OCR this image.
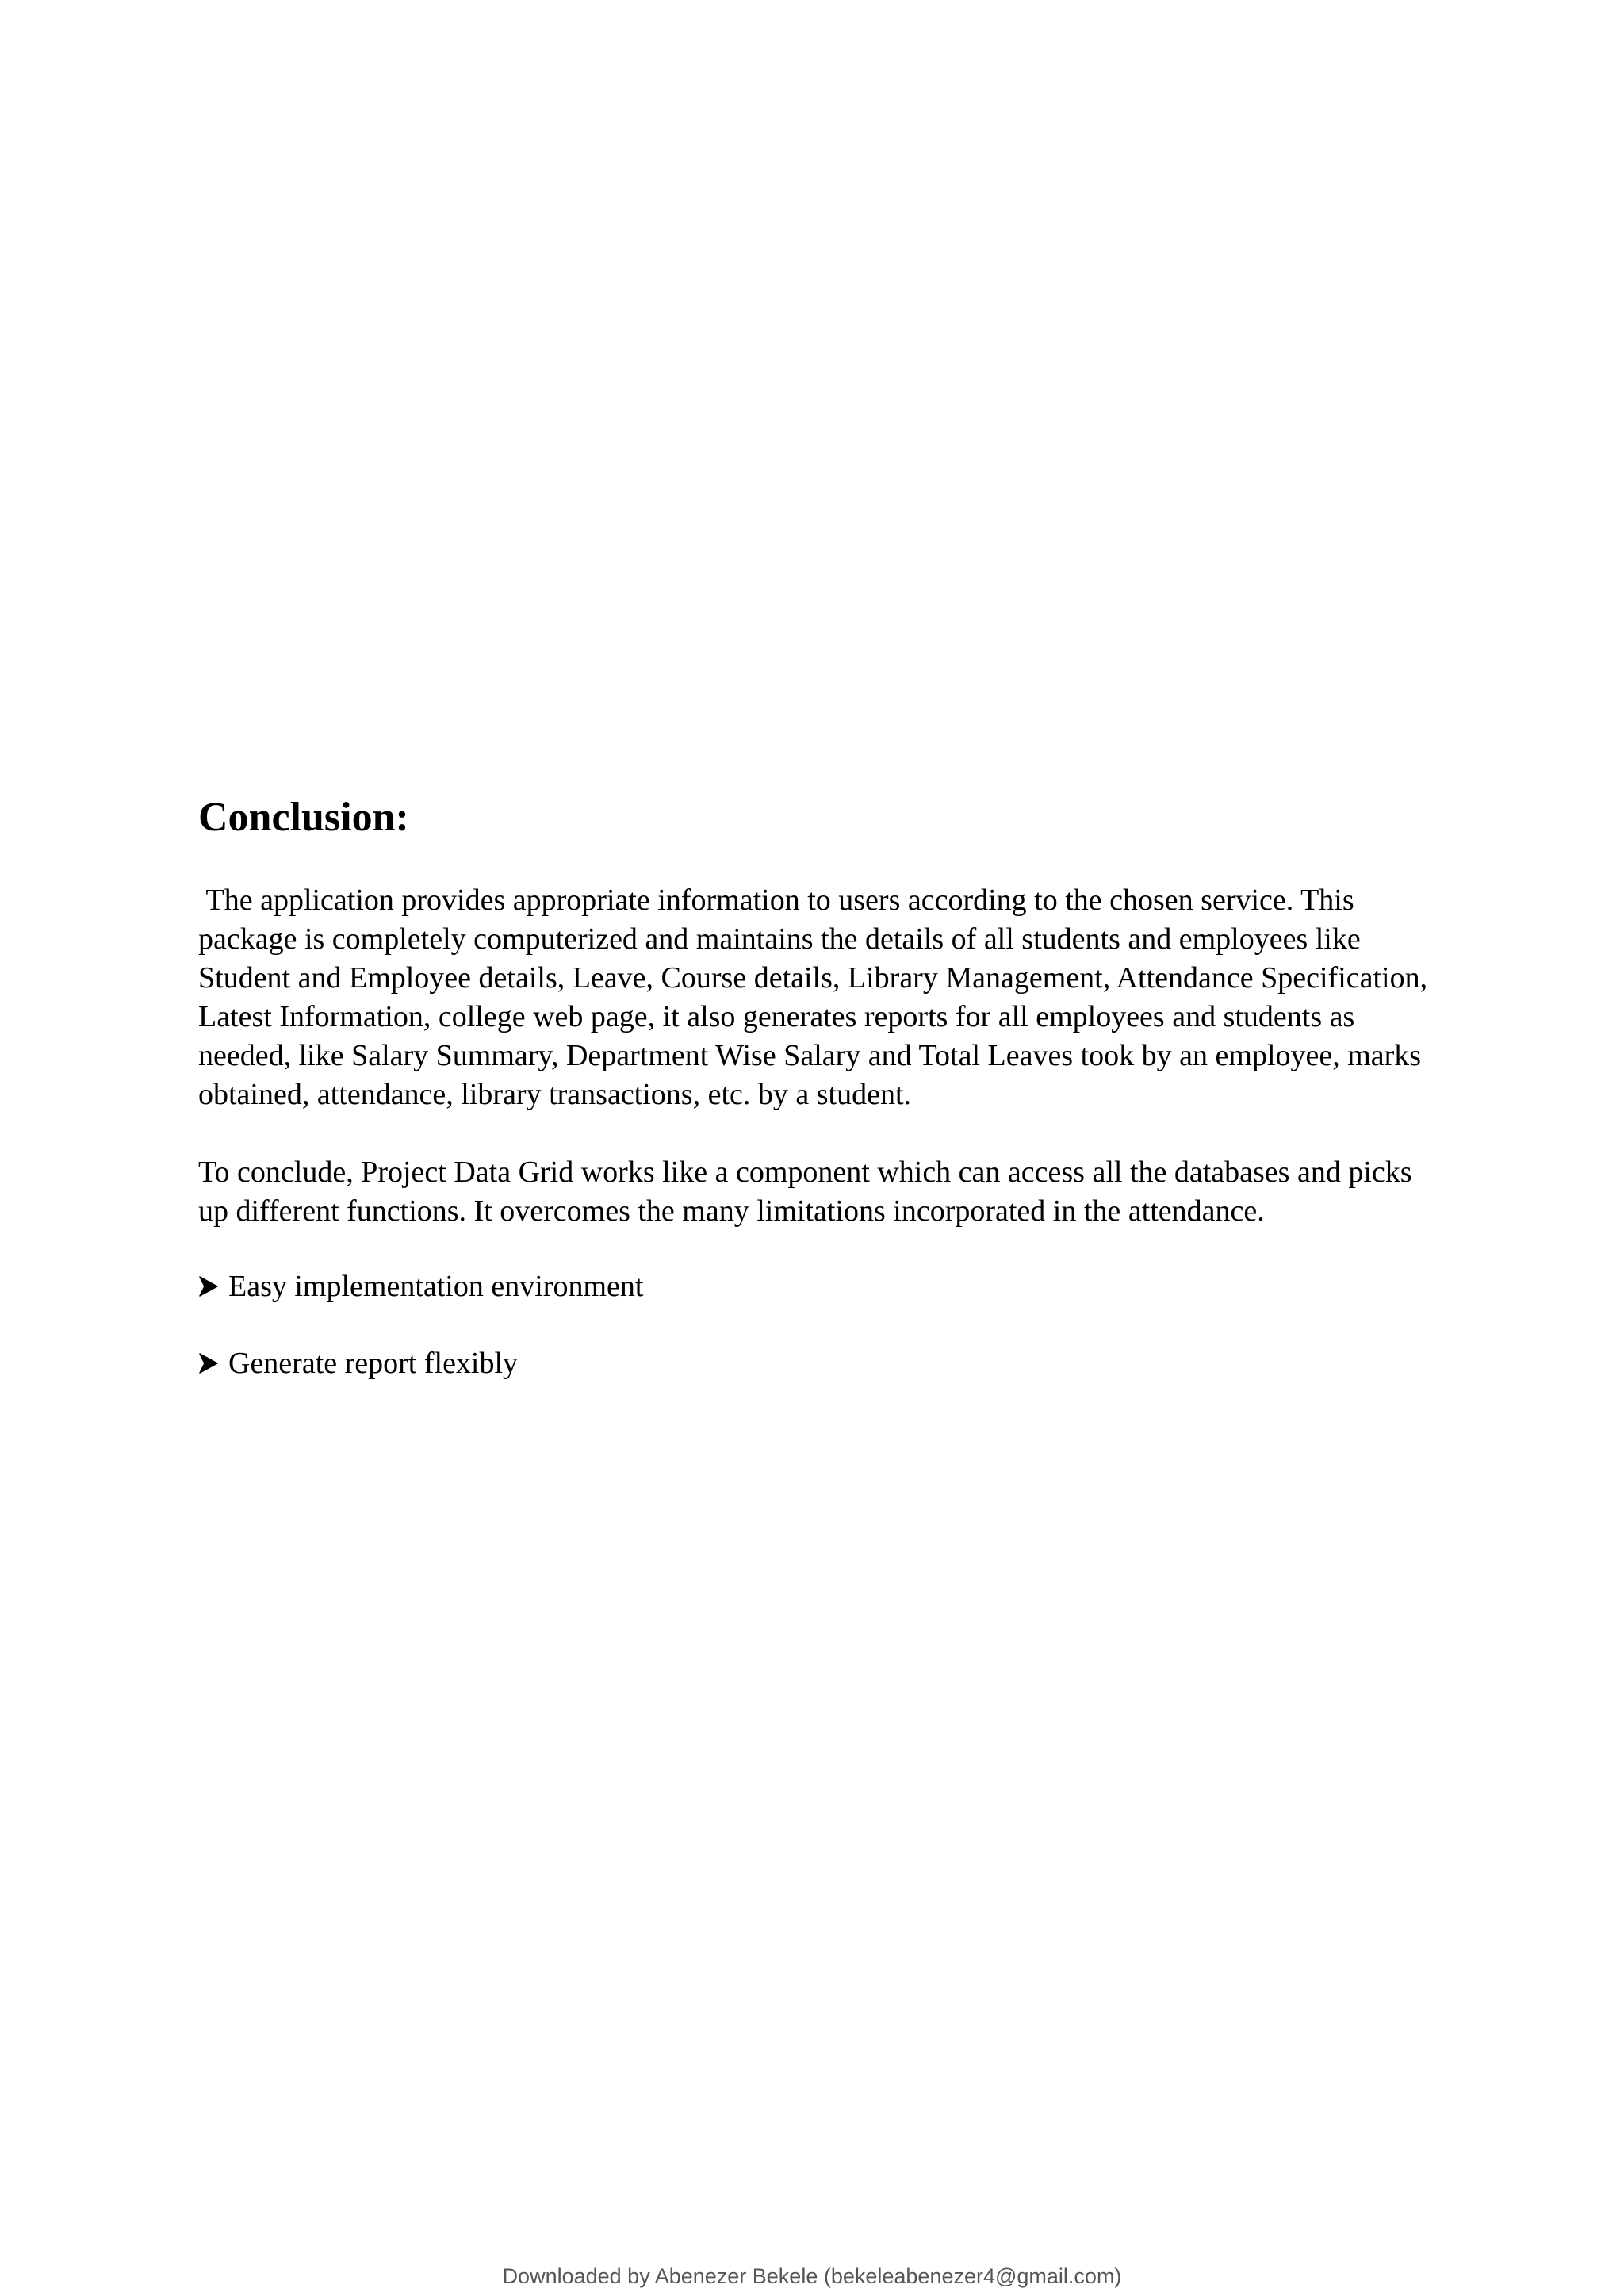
Conclusion:

The application provides appropriate information to users according to the chosen service. This package is completely computerized and maintains the details of all students and employees like Student and Employee details, Leave, Course details, Library Management, Attendance Specification, Latest Information, college web page, it also generates reports for all employees and students as needed, like Salary Summary, Department Wise Salary and Total Leaves took by an employee, marks obtained, attendance, library transactions, etc. by a student.

To conclude, Project Data Grid works like a component which can access all the databases and picks up different functions. It overcomes the many limitations incorporated in the attendance.

Easy implementation environment
Generate report flexibly
Downloaded by Abenezer Bekele (bekeleabenezer4@gmail.com)
